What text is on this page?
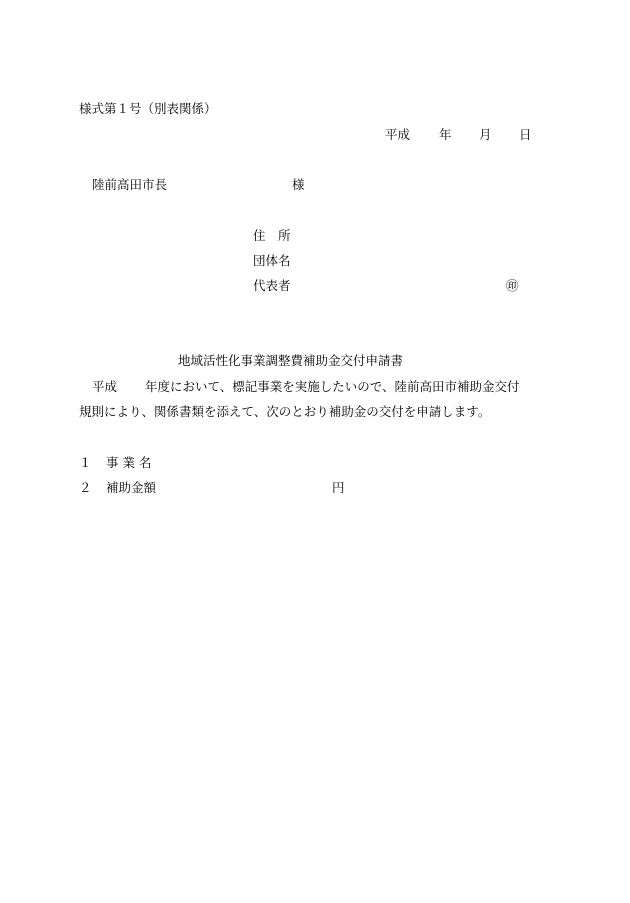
様式第１号（別表関係）
平成 年 月 日
陸前高田市長	様
住　所
団体名
代表者	㊞
地域活性化事業調整費補助金交付申請書
平成 年度において、標記事業を実施したいので、陸前高田市補助金交付
規則により、関係書類を添えて、次のとおり補助金の交付を申請します。
１ 事 業 名
２ 補助金額	円
